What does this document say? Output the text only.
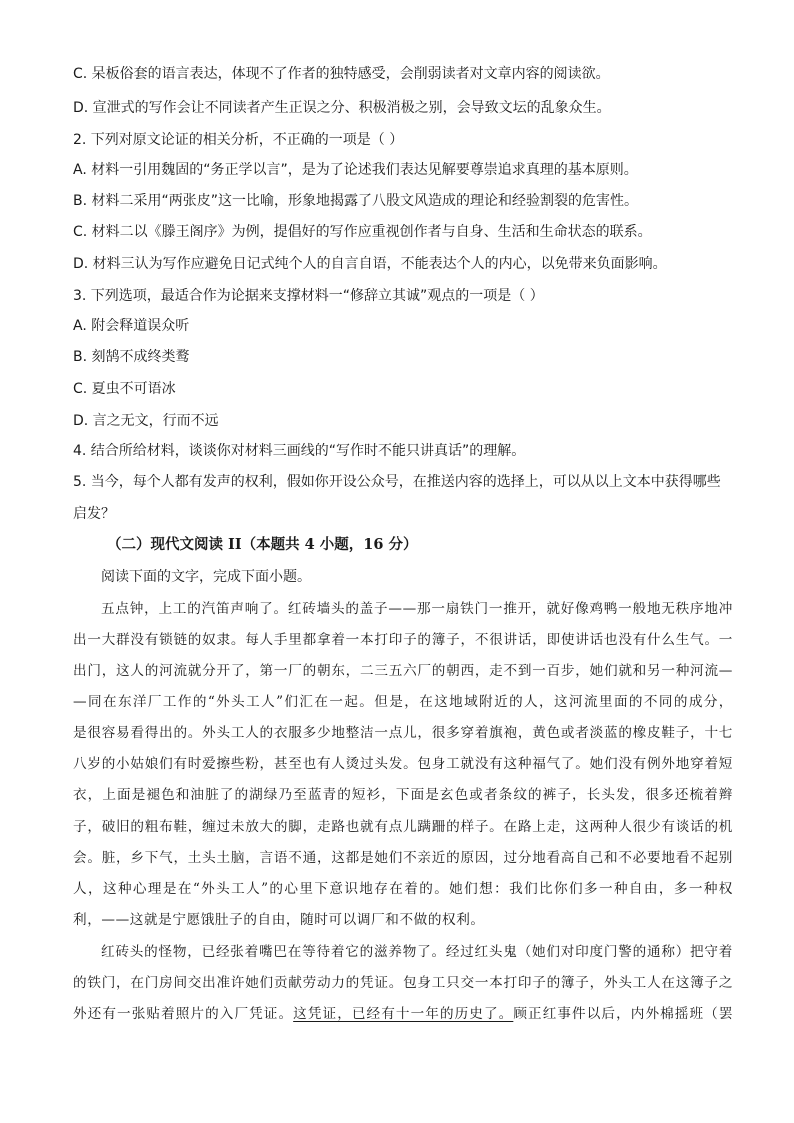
C. 呆板俗套的语言表达，体现不了作者的独特感受，会削弱读者对文章内容的阅读欲。
D. 宣泄式的写作会让不同读者产生正误之分、积极消极之别，会导致文坛的乱象众生。
2. 下列对原文论证的相关分析，不正确的一项是（ ）
A. 材料一引用魏固的“务正学以言”，是为了论述我们表达见解要尊崇追求真理的基本原则。
B. 材料二采用“两张皮”这一比喻，形象地揭露了八股文风造成的理论和经验割裂的危害性。
C. 材料二以《滕王阁序》为例，提倡好的写作应重视创作者与自身、生活和生命状态的联系。
D. 材料三认为写作应避免日记式纯个人的自言自语，不能表达个人的内心，以免带来负面影响。
3. 下列选项，最适合作为论据来支撑材料一“修辞立其诚”观点的一项是（ ）
A. 附会释道误众听
B. 刻鹄不成终类鹜
C. 夏虫不可语冰
D. 言之无文，行而不远
4. 结合所给材料，谈谈你对材料三画线的“写作时不能只讲真话”的理解。
5. 当今，每个人都有发声的权利，假如你开设公众号，在推送内容的选择上，可以从以上文本中获得哪些
启发？
（二）现代文阅读 II（本题共 4 小题，16 分）
阅读下面的文字，完成下面小题。
五点钟，上工的汽笛声响了。红砖墙头的盖子——那一扇铁门一推开，就好像鸡鸭一般地无秩序地冲
出一大群没有锁链的奴隶。每人手里都拿着一本打印子的簿子，不很讲话，即使讲话也没有什么生气。一
出门，这人的河流就分开了，第一厂的朝东，二三五六厂的朝西，走不到一百步，她们就和另一种河流—
—同在东洋厂工作的“外头工人”们汇在一起。但是，在这地域附近的人，这河流里面的不同的成分，
是很容易看得出的。外头工人的衣服多少地整洁一点儿，很多穿着旗袍，黄色或者淡蓝的橡皮鞋子，十七
八岁的小姑娘们有时爱擦些粉，甚至也有人烫过头发。包身工就没有这种福气了。她们没有例外地穿着短
衣，上面是褪色和油脏了的湖绿乃至蓝青的短衫，下面是玄色或者条纹的裤子，长头发，很多还梳着辫
子，破旧的粗布鞋，缠过未放大的脚，走路也就有点儿蹒跚的样子。在路上走，这两种人很少有谈话的机
会。脏，乡下气，土头土脑，言语不通，这都是她们不亲近的原因，过分地看高自己和不必要地看不起别
人，这种心理是在“外头工人”的心里下意识地存在着的。她们想：我们比你们多一种自由，多一种权
利，——这就是宁愿饿肚子的自由，随时可以调厂和不做的权利。
红砖头的怪物，已经张着嘴巴在等待着它的滋养物了。经过红头鬼（她们对印度门警的通称）把守着
的铁门，在门房间交出准许她们贡献劳动力的凭证。包身工只交一本打印子的簿子，外头工人在这簿子之
外还有一张贴着照片的入厂凭证。这凭证，已经有十一年的历史了。顾正红事件以后，内外棉摇班（罢
